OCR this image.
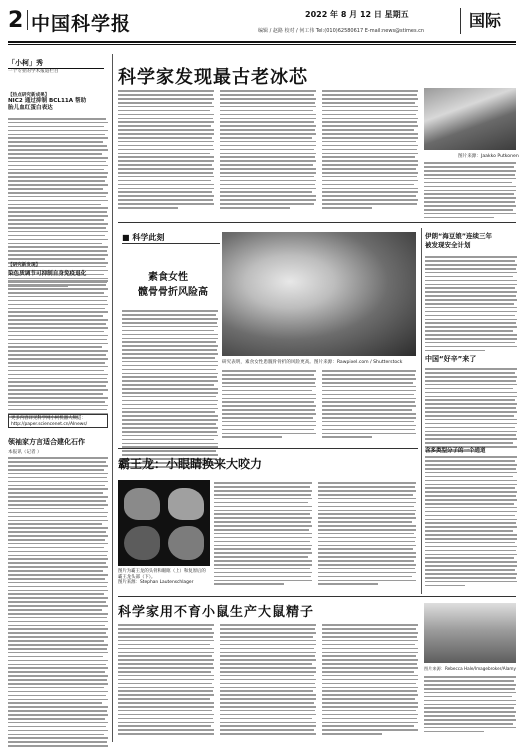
2 中国科学报	2022 年 8 月 12 日 星期五
编辑 / 赵路 校对 / 何工伟 Tel:(010)62580617 E-mail:news@stimes.cn
国际
「小柯」秀
一个专业的学术报道栏目
【热点研究新成果】
NIC2 通过抑制 BCL11A 帮助
胎儿血红蛋白表达
【研究新发现】
染色质调节可抑制自身免疫退化
更多内容详见科学网小柯机器人频道：
http://paper.sciencenet.cn/AInews/
领袖家方言适合建化石作
本报讯（记者 ）
科学家发现最古老冰芯
图片来源：Jaakko Putkonen
■ 科学此刻
素食女性
髋骨骨折风险高
研究表明，素食女性患髋骨骨折的风险更高。图片来源：Rawpixel.com / Shutterstock
伊朗“海豆娘”连续三年
被发现安全计划
中国“好辛”来了
含多类型分子的一个通道
霸王龙：小眼睛换来大咬力
图片为霸王龙的头骨和眼眶（上）和复原后的霸王龙头部（下）。
图片来源：Stephan Lautenschlager
科学家用不育小鼠生产大鼠精子
图片来源：Rebecca Hale/Imagebroker/Alamy
